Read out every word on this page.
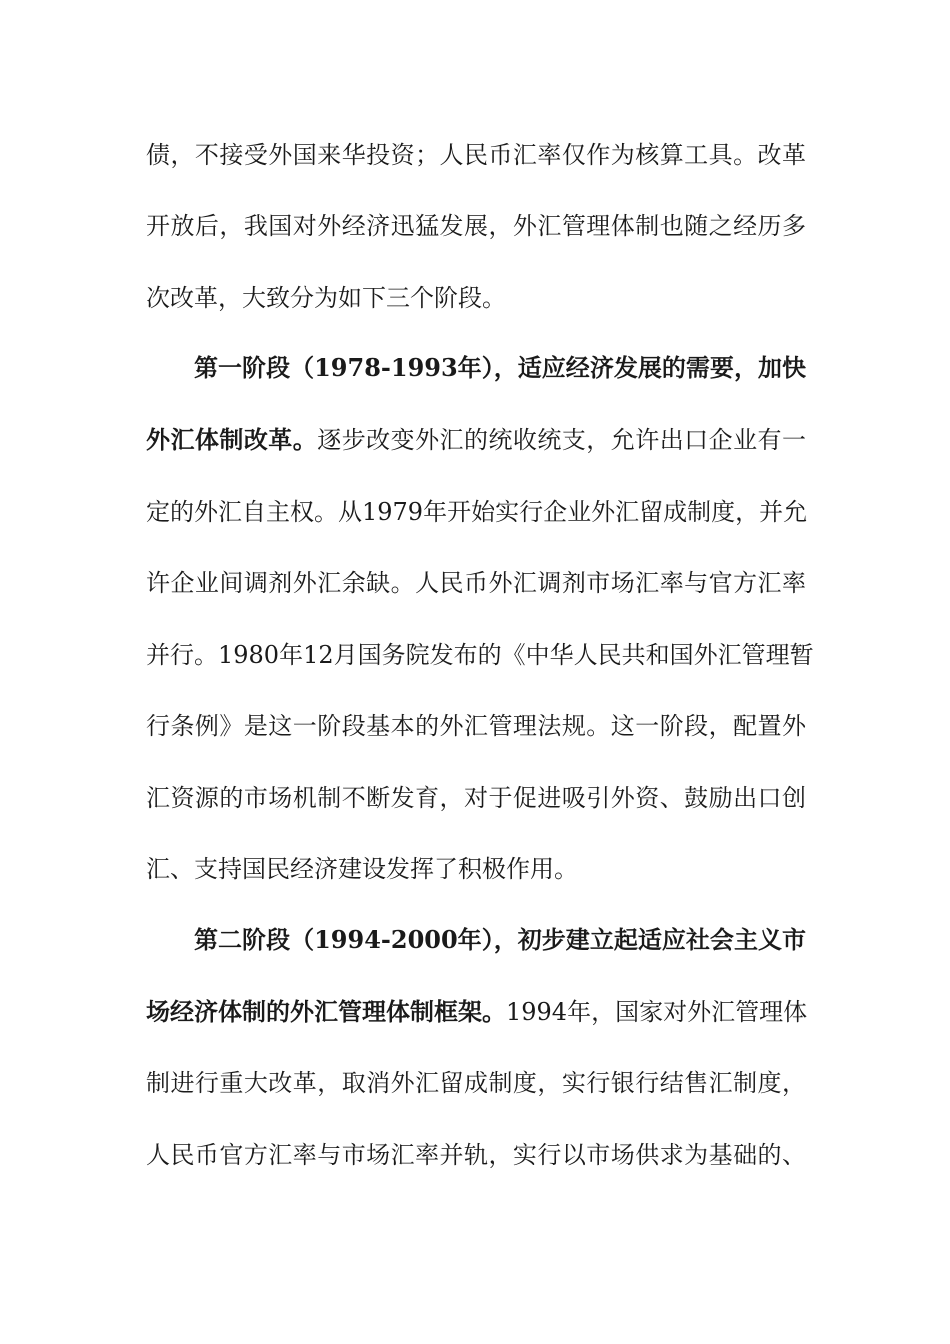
债，不接受外国来华投资；人民币汇率仅作为核算工具。改革
开放后，我国对外经济迅猛发展，外汇管理体制也随之经历多
次改革，大致分为如下三个阶段。
第一阶段（1978-1993年），适应经济发展的需要，加快
外汇体制改革。逐步改变外汇的统收统支，允许出口企业有一
定的外汇自主权。从1979年开始实行企业外汇留成制度，并允
许企业间调剂外汇余缺。人民币外汇调剂市场汇率与官方汇率
并行。1980年12月国务院发布的《中华人民共和国外汇管理暂
行条例》是这一阶段基本的外汇管理法规。这一阶段，配置外
汇资源的市场机制不断发育，对于促进吸引外资、鼓励出口创
汇、支持国民经济建设发挥了积极作用。
第二阶段（1994-2000年），初步建立起适应社会主义市
场经济体制的外汇管理体制框架。1994年，国家对外汇管理体
制进行重大改革，取消外汇留成制度，实行银行结售汇制度，
人民币官方汇率与市场汇率并轨，实行以市场供求为基础的、
